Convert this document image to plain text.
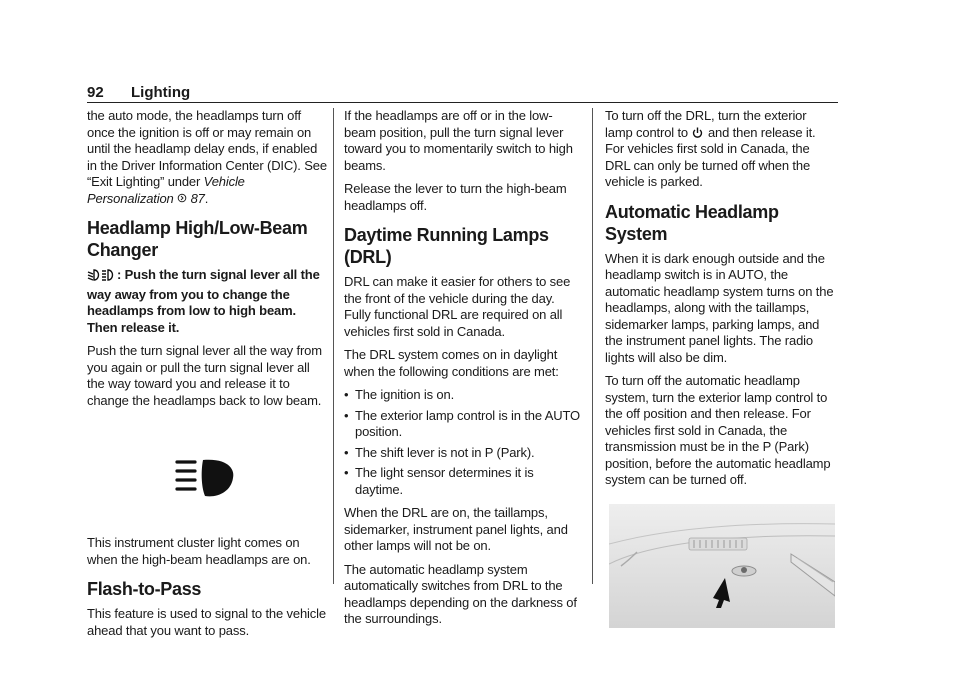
92 Lighting

the auto mode, the headlamps turn off once the ignition is off or may remain on until the headlamp delay ends, if enabled in the Driver Information Center (DIC). See “Exit Lighting” under Vehicle Personalization 87.

Headlamp High/Low-Beam Changer

: Push the turn signal lever all the way away from you to change the headlamps from low to high beam. Then release it.

Push the turn signal lever all the way from you again or pull the turn signal lever all the way toward you and release it to change the headlamps back to low beam.

This instrument cluster light comes on when the high-beam headlamps are on.

Flash-to-Pass

This feature is used to signal to the vehicle ahead that you want to pass.

If the headlamps are off or in the low-beam position, pull the turn signal lever toward you to momentarily switch to high beams.

Release the lever to turn the high-beam headlamps off.

Daytime Running Lamps (DRL)

DRL can make it easier for others to see the front of the vehicle during the day. Fully functional DRL are required on all vehicles first sold in Canada.

The DRL system comes on in daylight when the following conditions are met:

• The ignition is on.
• The exterior lamp control is in the AUTO position.
• The shift lever is not in P (Park).
• The light sensor determines it is daytime.

When the DRL are on, the taillamps, sidemarker, instrument panel lights, and other lamps will not be on.

The automatic headlamp system automatically switches from DRL to the headlamps depending on the darkness of the surroundings.

To turn off the DRL, turn the exterior lamp control to  and then release it. For vehicles first sold in Canada, the DRL can only be turned off when the vehicle is parked.

Automatic Headlamp System

When it is dark enough outside and the headlamp switch is in AUTO, the automatic headlamp system turns on the headlamps, along with the taillamps, sidemarker lamps, parking lamps, and the instrument panel lights. The radio lights will also be dim.

To turn off the automatic headlamp system, turn the exterior lamp control to the off position and then release. For vehicles first sold in Canada, the transmission must be in the P (Park) position, before the automatic headlamp system can be turned off.
